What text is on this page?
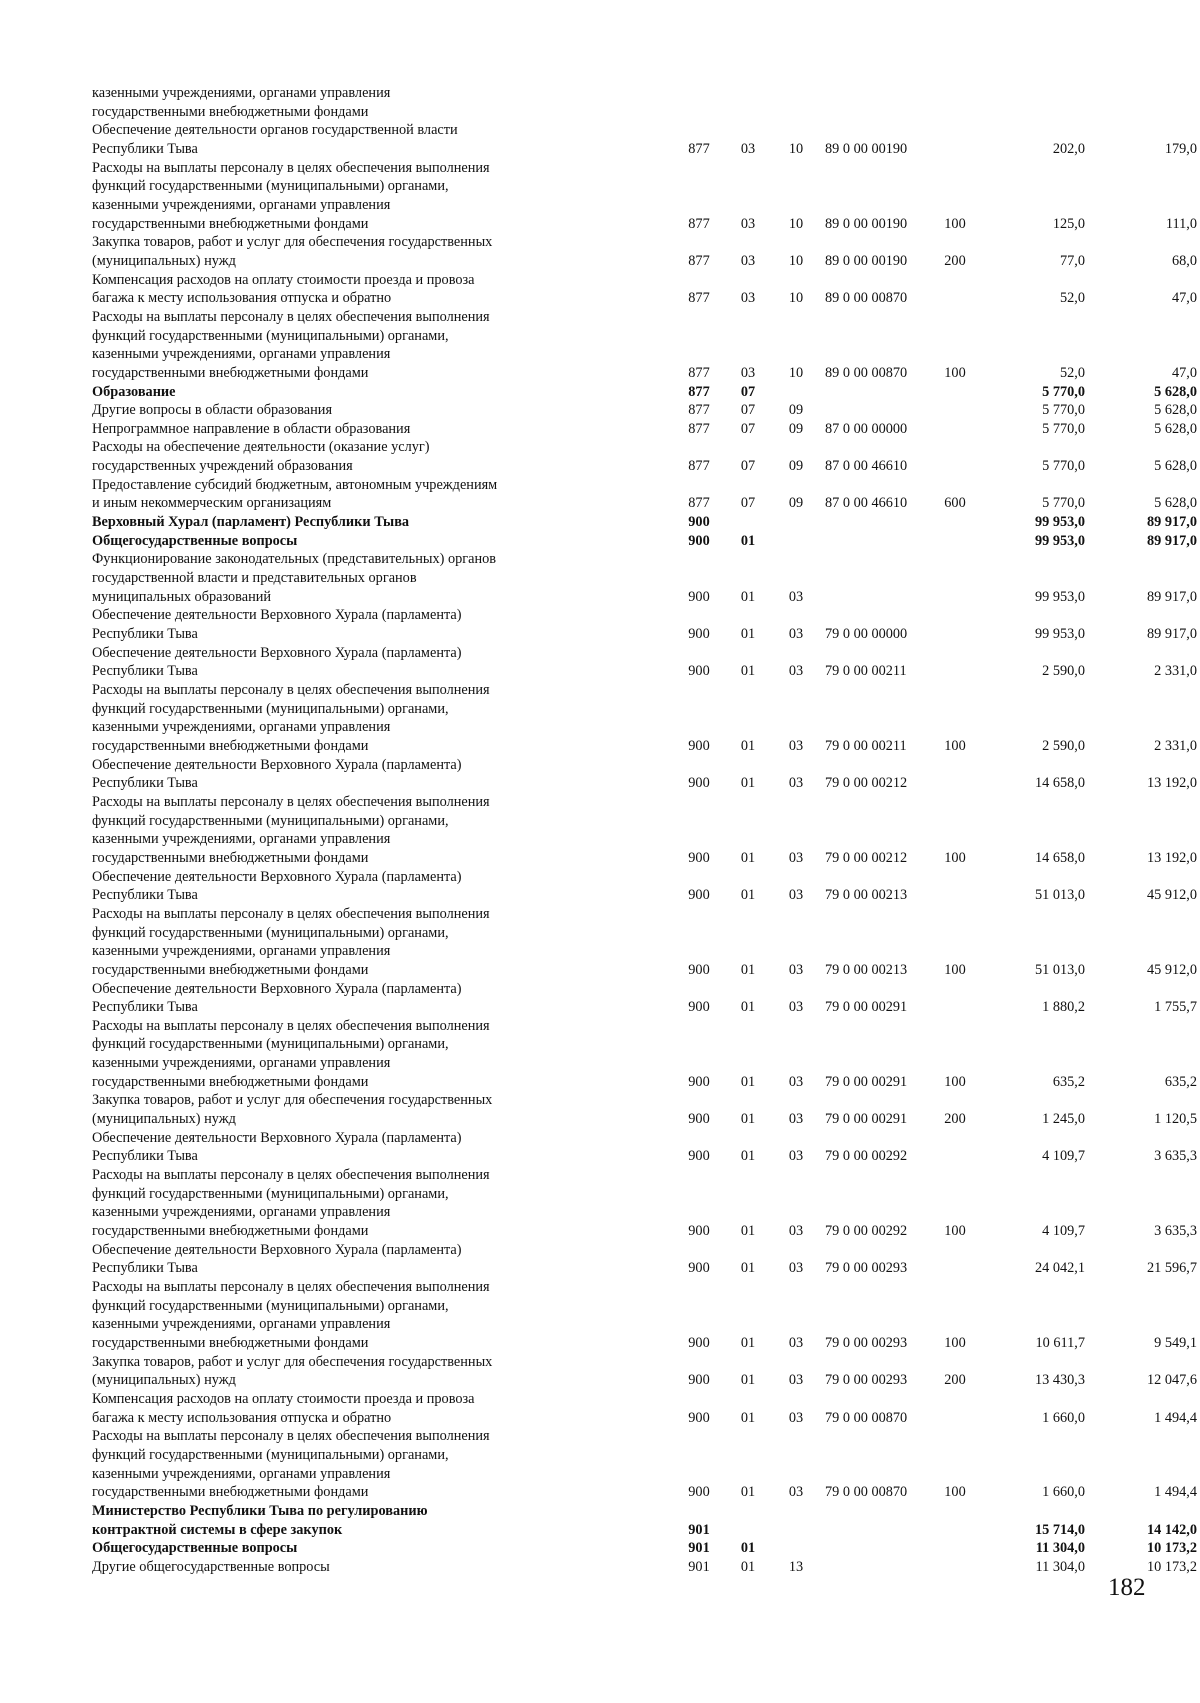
казенными учреждениями, органами управления
государственными внебюджетными фондами
Обеспечение деятельности органов государственной власти
Республики Тыва	877	03	10	89 0 00 00190	202,0	179,0
Расходы на выплаты персоналу в целях обеспечения выполнения
функций государственными (муниципальными) органами,
казенными учреждениями, органами управления
государственными внебюджетными фондами	877	03	10	89 0 00 00190	100	125,0	111,0
Закупка товаров, работ и услуг для обеспечения государственных
(муниципальных) нужд	877	03	10	89 0 00 00190	200	77,0	68,0
Компенсация расходов на оплату стоимости проезда и провоза
багажа к месту использования отпуска и обратно	877	03	10	89 0 00 00870	52,0	47,0
Расходы на выплаты персоналу в целях обеспечения выполнения
функций государственными (муниципальными) органами,
казенными учреждениями, органами управления
государственными внебюджетными фондами	877	03	10	89 0 00 00870	100	52,0	47,0
Образование	877	07	5 770,0	5 628,0
Другие вопросы в области образования	877	07	09	5 770,0	5 628,0
Непрограммное направление в области образования	877	07	09	87 0 00 00000	5 770,0	5 628,0
Расходы на обеспечение деятельности (оказание услуг)
государственных учреждений образования	877	07	09	87 0 00 46610	5 770,0	5 628,0
Предоставление субсидий бюджетным, автономным учреждениям
и иным некоммерческим организациям	877	07	09	87 0 00 46610	600	5 770,0	5 628,0
Верховный Хурал (парламент) Республики Тыва	900	99 953,0	89 917,0
Общегосударственные вопросы	900	01	99 953,0	89 917,0
Функционирование законодательных (представительных) органов
государственной власти и представительных органов
муниципальных образований	900	01	03	99 953,0	89 917,0
Обеспечение деятельности Верховного Хурала (парламента)
Республики Тыва	900	01	03	79 0 00 00000	99 953,0	89 917,0
Обеспечение деятельности Верховного Хурала (парламента)
Республики Тыва	900	01	03	79 0 00 00211	2 590,0	2 331,0
Расходы на выплаты персоналу в целях обеспечения выполнения
функций государственными (муниципальными) органами,
казенными учреждениями, органами управления
государственными внебюджетными фондами	900	01	03	79 0 00 00211	100	2 590,0	2 331,0
Обеспечение деятельности Верховного Хурала (парламента)
Республики Тыва	900	01	03	79 0 00 00212	14 658,0	13 192,0
Расходы на выплаты персоналу в целях обеспечения выполнения
функций государственными (муниципальными) органами,
казенными учреждениями, органами управления
государственными внебюджетными фондами	900	01	03	79 0 00 00212	100	14 658,0	13 192,0
Обеспечение деятельности Верховного Хурала (парламента)
Республики Тыва	900	01	03	79 0 00 00213	51 013,0	45 912,0
Расходы на выплаты персоналу в целях обеспечения выполнения
функций государственными (муниципальными) органами,
казенными учреждениями, органами управления
государственными внебюджетными фондами	900	01	03	79 0 00 00213	100	51 013,0	45 912,0
Обеспечение деятельности Верховного Хурала (парламента)
Республики Тыва	900	01	03	79 0 00 00291	1 880,2	1 755,7
Расходы на выплаты персоналу в целях обеспечения выполнения
функций государственными (муниципальными) органами,
казенными учреждениями, органами управления
государственными внебюджетными фондами	900	01	03	79 0 00 00291	100	635,2	635,2
Закупка товаров, работ и услуг для обеспечения государственных
(муниципальных) нужд	900	01	03	79 0 00 00291	200	1 245,0	1 120,5
Обеспечение деятельности Верховного Хурала (парламента)
Республики Тыва	900	01	03	79 0 00 00292	4 109,7	3 635,3
Расходы на выплаты персоналу в целях обеспечения выполнения
функций государственными (муниципальными) органами,
казенными учреждениями, органами управления
государственными внебюджетными фондами	900	01	03	79 0 00 00292	100	4 109,7	3 635,3
Обеспечение деятельности Верховного Хурала (парламента)
Республики Тыва	900	01	03	79 0 00 00293	24 042,1	21 596,7
Расходы на выплаты персоналу в целях обеспечения выполнения
функций государственными (муниципальными) органами,
казенными учреждениями, органами управления
государственными внебюджетными фондами	900	01	03	79 0 00 00293	100	10 611,7	9 549,1
Закупка товаров, работ и услуг для обеспечения государственных
(муниципальных) нужд	900	01	03	79 0 00 00293	200	13 430,3	12 047,6
Компенсация расходов на оплату стоимости проезда и провоза
багажа к месту использования отпуска и обратно	900	01	03	79 0 00 00870	1 660,0	1 494,4
Расходы на выплаты персоналу в целях обеспечения выполнения
функций государственными (муниципальными) органами,
казенными учреждениями, органами управления
государственными внебюджетными фондами	900	01	03	79 0 00 00870	100	1 660,0	1 494,4
Министерство Республики Тыва по регулированию
контрактной системы в сфере закупок	901	15 714,0	14 142,0
Общегосударственные вопросы	901	01	11 304,0	10 173,2
Другие общегосударственные вопросы	901	01	13	11 304,0	10 173,2
182
